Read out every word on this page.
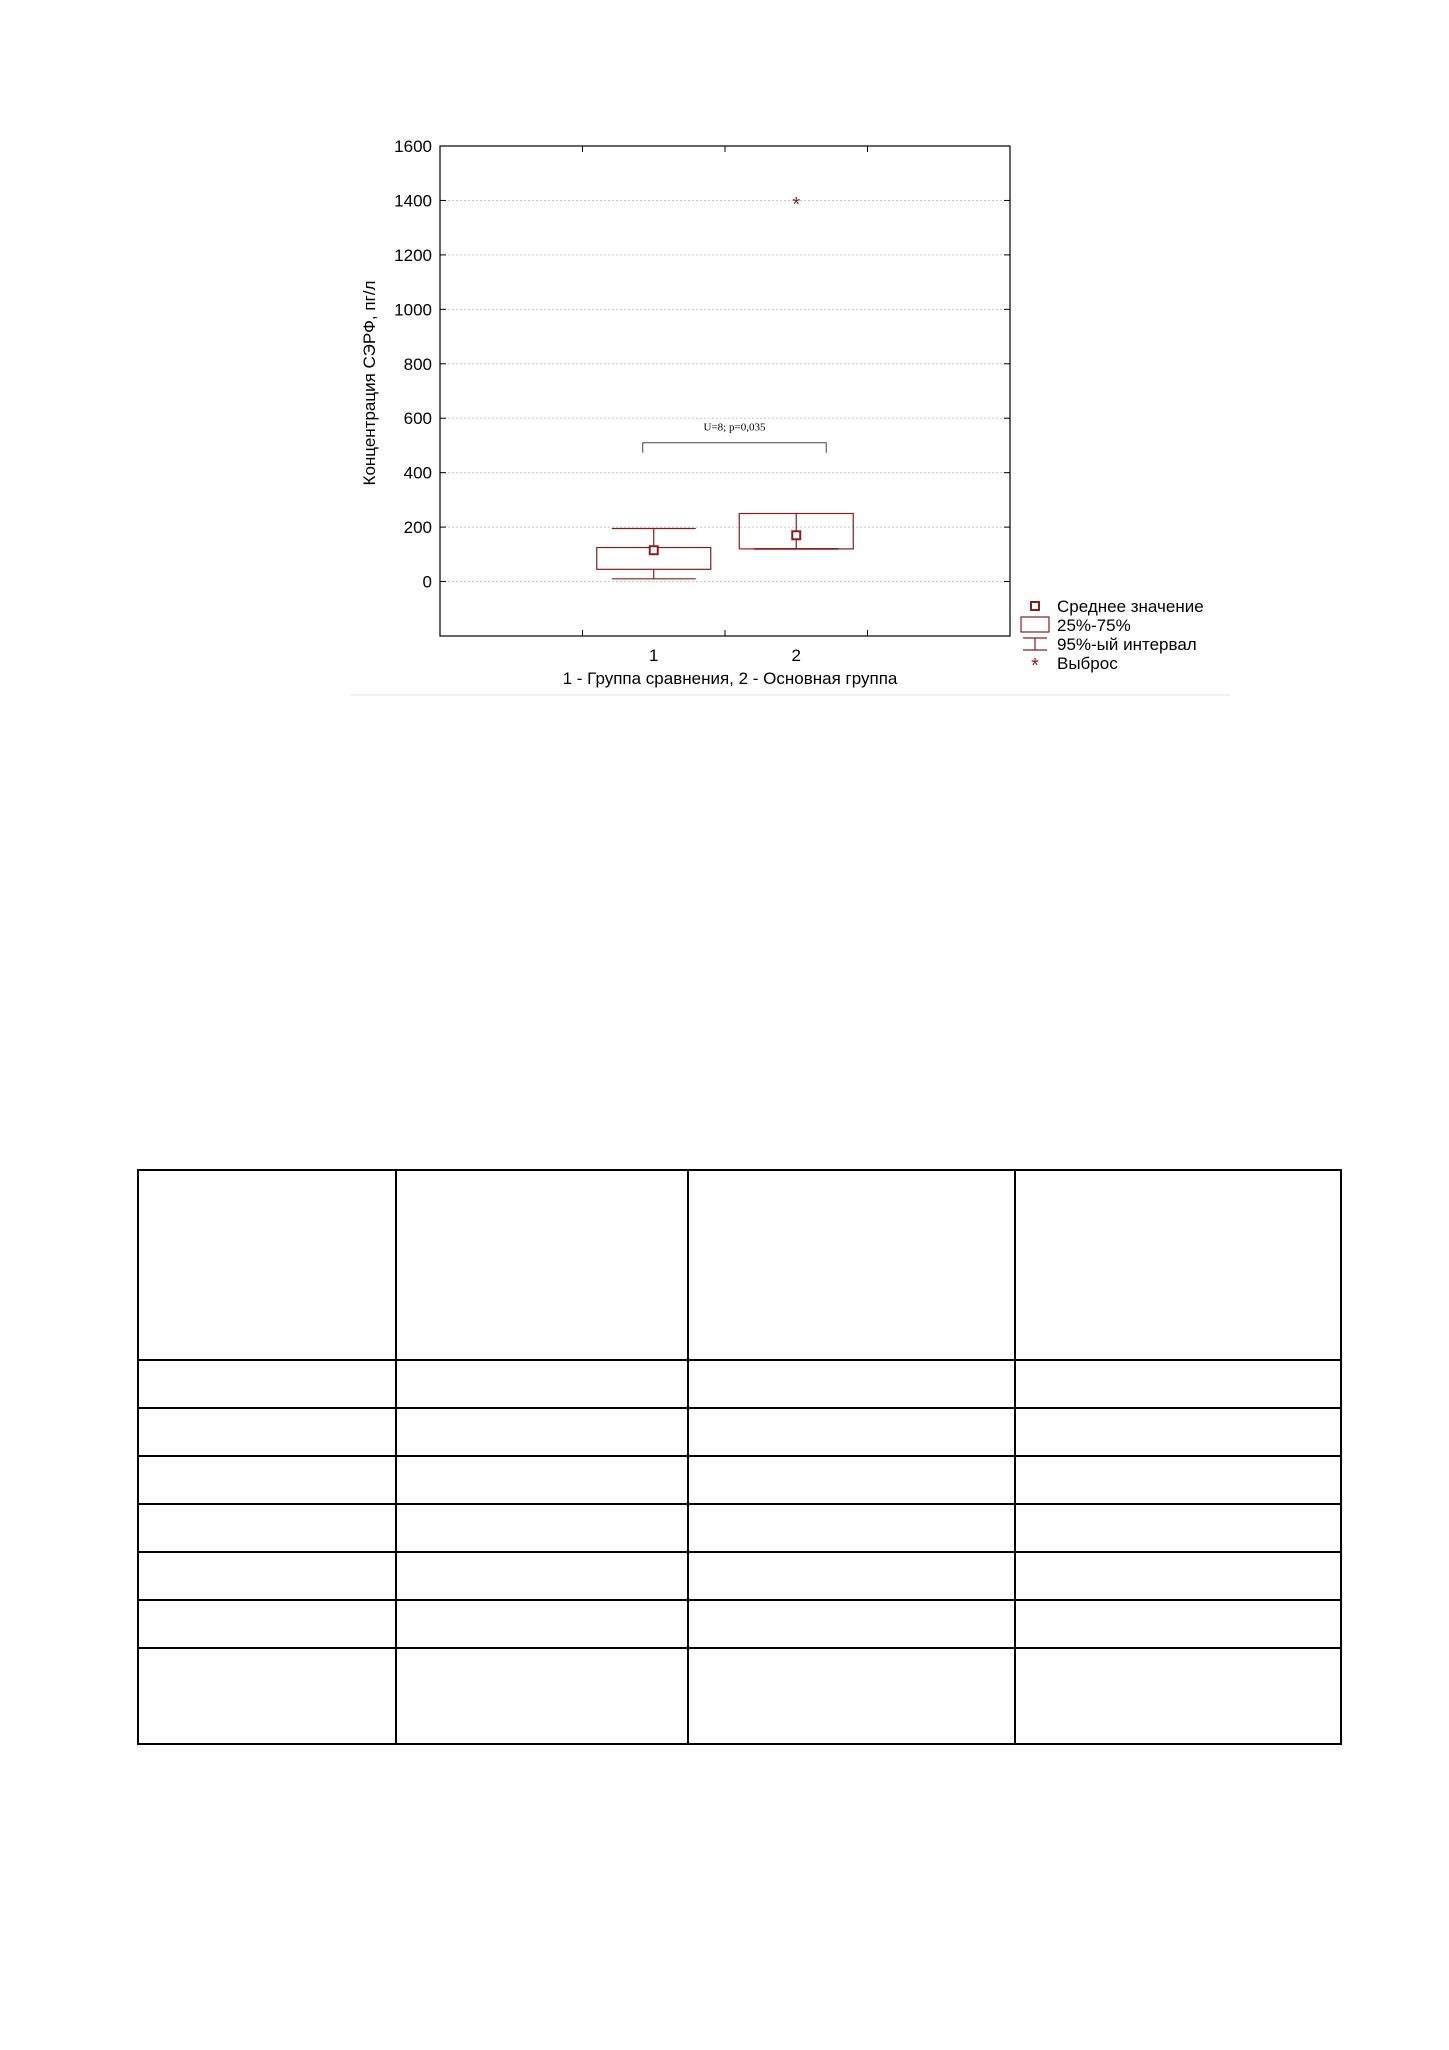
0
200
400
600
800
1000
1200
1400
1600
1	2
*
U=8; p=0,035
1 - Группа сравнения, 2 - Основная группа
Концентрация СЭРФ, пг/л
Среднее значение
25%-75%
95%-ый интервал
* Выброс
